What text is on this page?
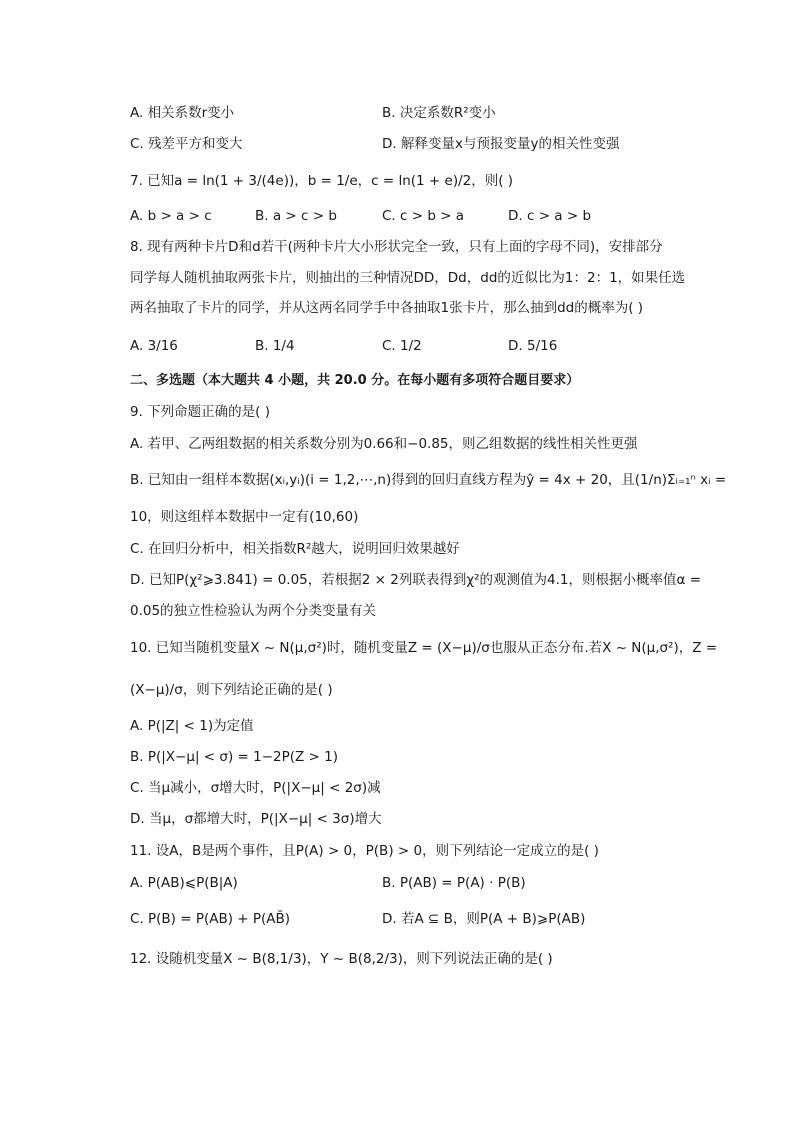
A. 相关系数r变小	B. 决定系数R²变小
C. 残差平方和变大	D. 解释变量x与预报变量y的相关性变强
7. 已知a = ln(1 + 3/(4e))，b = 1/e，c = ln(1 + e)/2，则( )
A. b > a > c	B. a > c > b	C. c > b > a	D. c > a > b
8. 现有两种卡片D和d若干(两种卡片大小形状完全一致，只有上面的字母不同)，安排部分
同学每人随机抽取两张卡片，则抽出的三种情况DD，Dd，dd的近似比为1：2：1，如果任选
两名抽取了卡片的同学，并从这两名同学手中各抽取1张卡片，那么抽到dd的概率为( )
A. 3/16	B. 1/4	C. 1/2	D. 5/16
二、多选题（本大题共 4 小题，共 20.0 分。在每小题有多项符合题目要求）
9. 下列命题正确的是( )
A. 若甲、乙两组数据的相关系数分别为0.66和−0.85，则乙组数据的线性相关性更强
B. 已知由一组样本数据(xᵢ,yᵢ)(i = 1,2,⋯,n)得到的回归直线方程为ŷ = 4x + 20，且(1/n)Σᵢ₌₁ⁿ xᵢ =
10，则这组样本数据中一定有(10,60)
C. 在回归分析中，相关指数R²越大，说明回归效果越好
D. 已知P(χ²⩾3.841) = 0.05，若根据2 × 2列联表得到χ²的观测值为4.1，则根据小概率值α =
0.05的独立性检验认为两个分类变量有关
10. 已知当随机变量X ~ N(μ,σ²)时，随机变量Z = (X−μ)/σ也服从正态分布.若X ~ N(μ,σ²)，Z =
(X−μ)/σ，则下列结论正确的是( )
A. P(|Z| < 1)为定值
B. P(|X−μ| < σ) = 1−2P(Z > 1)
C. 当μ减小，σ增大时，P(|X−μ| < 2σ)减
D. 当μ，σ都增大时，P(|X−μ| < 3σ)增大
11. 设A，B是两个事件，且P(A) > 0，P(B) > 0，则下列结论一定成立的是( )
A. P(AB)⩽P(B|A)	B. P(AB) = P(A) · P(B)
C. P(B) = P(AB) + P(AB̄)	D. 若A ⊆ B，则P(A + B)⩾P(AB)
12. 设随机变量X ~ B(8,1/3)，Y ~ B(8,2/3)，则下列说法正确的是( )
